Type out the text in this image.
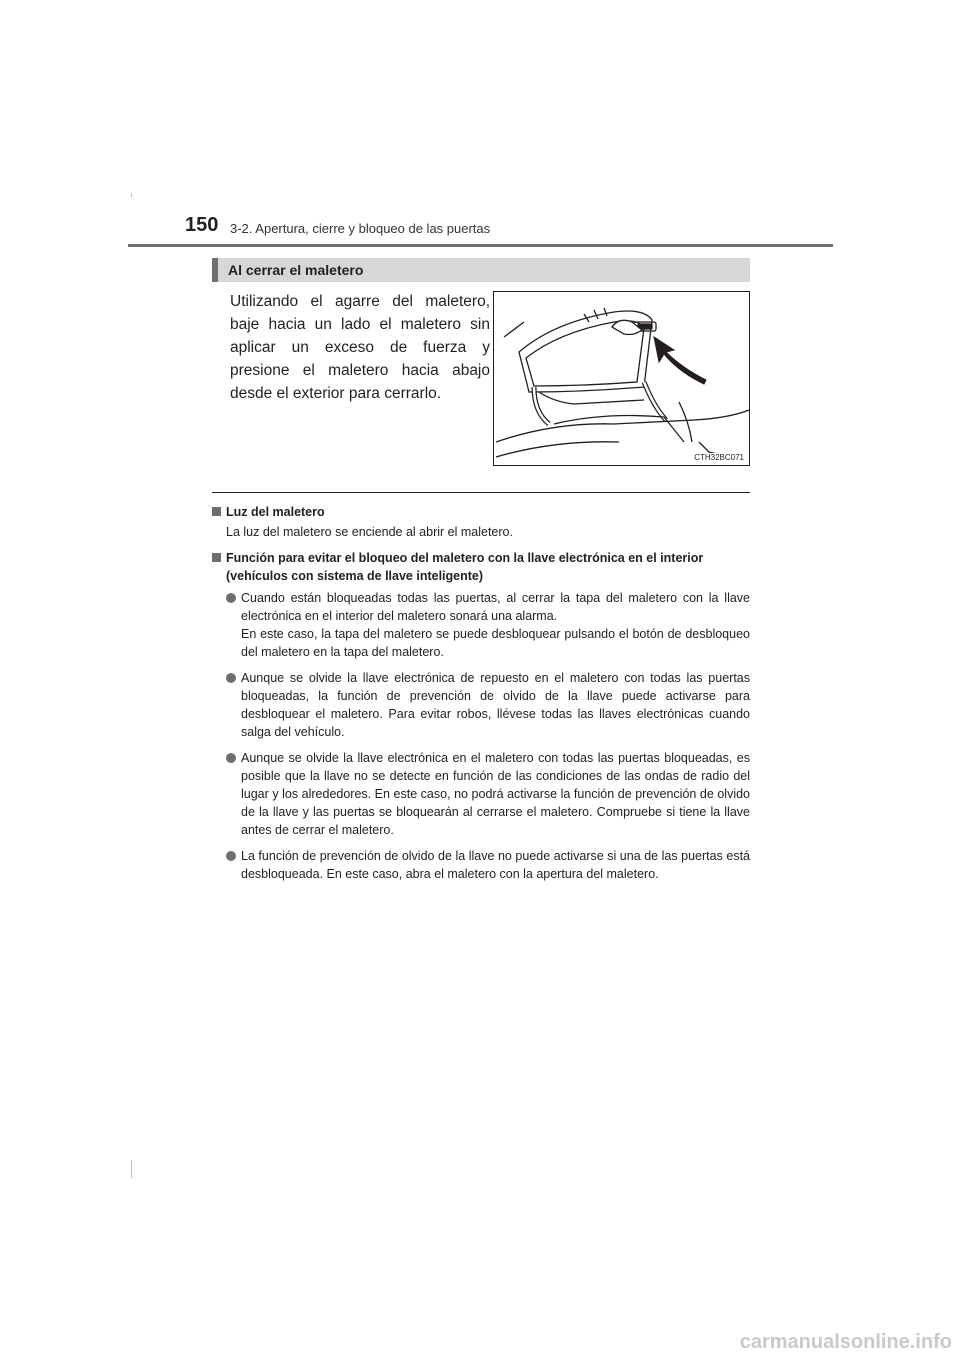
150 3-2. Apertura, cierre y bloqueo de las puertas
Al cerrar el maletero

Utilizando el agarre del maletero, baje hacia un lado el maletero sin aplicar un exceso de fuerza y presione el maletero hacia abajo desde el exterior para cerrarlo.

CTH32BC071

Luz del maletero

La luz del maletero se enciende al abrir el maletero.

Función para evitar el bloqueo del maletero con la llave electrónica en el interior (vehículos con sistema de llave inteligente)

Cuando están bloqueadas todas las puertas, al cerrar la tapa del maletero con la llave electrónica en el interior del maletero sonará una alarma.
En este caso, la tapa del maletero se puede desbloquear pulsando el botón de desbloqueo del maletero en la tapa del maletero.
Aunque se olvide la llave electrónica de repuesto en el maletero con todas las puertas bloqueadas, la función de prevención de olvido de la llave puede activarse para desbloquear el maletero. Para evitar robos, llévese todas las llaves electrónicas cuando salga del vehículo.
Aunque se olvide la llave electrónica en el maletero con todas las puertas bloqueadas, es posible que la llave no se detecte en función de las condiciones de las ondas de radio del lugar y los alrededores. En este caso, no podrá activarse la función de prevención de olvido de la llave y las puertas se bloquearán al cerrarse el maletero. Compruebe si tiene la llave antes de cerrar el maletero.
La función de prevención de olvido de la llave no puede activarse si una de las puertas está desbloqueada. En este caso, abra el maletero con la apertura del maletero.
carmanualsonline.info
